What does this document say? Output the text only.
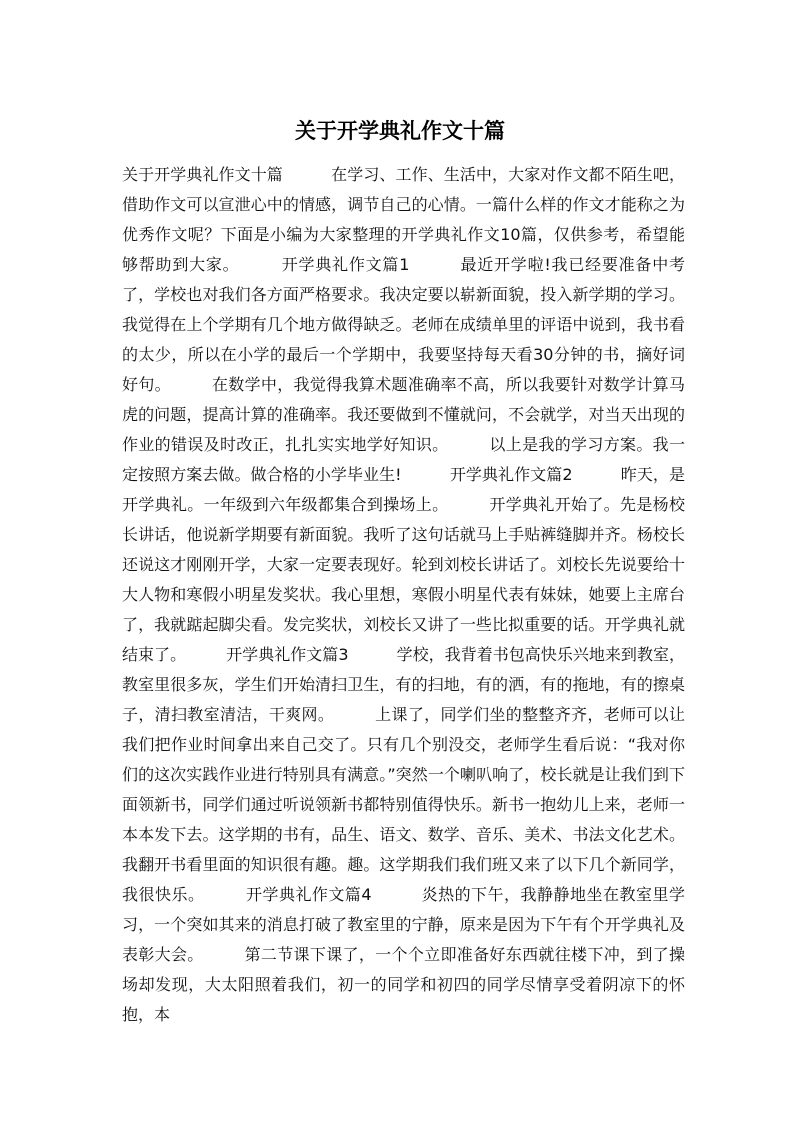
关于开学典礼作文十篇

关于开学典礼作文十篇　　　在学习、工作、生活中，大家对作文都不陌生吧，借助作文可以宣泄心中的情感，调节自己的心情。一篇什么样的作文才能称之为优秀作文呢？下面是小编为大家整理的开学典礼作文10篇，仅供参考，希望能够帮助到大家。　　　开学典礼作文篇1　　　最近开学啦!我已经要准备中考了，学校也对我们各方面严格要求。我决定要以崭新面貌，投入新学期的学习。我觉得在上个学期有几个地方做得缺乏。老师在成绩单里的评语中说到，我书看的太少，所以在小学的最后一个学期中，我要坚持每天看30分钟的书，摘好词好句。　　　在数学中，我觉得我算术题准确率不高，所以我要针对数学计算马虎的问题，提高计算的准确率。我还要做到不懂就问，不会就学，对当天出现的作业的错误及时改正，扎扎实实地学好知识。　　　以上是我的学习方案。我一定按照方案去做。做合格的小学毕业生!　　　开学典礼作文篇2　　　昨天，是开学典礼。一年级到六年级都集合到操场上。　　　开学典礼开始了。先是杨校长讲话，他说新学期要有新面貌。我听了这句话就马上手贴裤缝脚并齐。杨校长还说这才刚刚开学，大家一定要表现好。轮到刘校长讲话了。刘校长先说要给十大人物和寒假小明星发奖状。我心里想，寒假小明星代表有妹妹，她要上主席台了，我就踮起脚尖看。发完奖状，刘校长又讲了一些比拟重要的话。开学典礼就结束了。　　　开学典礼作文篇3　　　学校，我背着书包高快乐兴地来到教室，教室里很多灰，学生们开始清扫卫生，有的扫地，有的洒，有的拖地，有的擦桌子，清扫教室清洁，干爽网。　　　上课了，同学们坐的整整齐齐，老师可以让我们把作业时间拿出来自己交了。只有几个别没交，老师学生看后说：“我对你们的这次实践作业进行特别具有满意。”突然一个喇叭响了，校长就是让我们到下面领新书，同学们通过听说领新书都特别值得快乐。新书一抱幼儿上来，老师一本本发下去。这学期的书有，品生、语文、数学、音乐、美术、书法文化艺术。我翻开书看里面的知识很有趣。趣。这学期我们我们班又来了以下几个新同学，我很快乐。　　　开学典礼作文篇4　　　炎热的下午，我静静地坐在教室里学习，一个突如其来的消息打破了教室里的宁静，原来是因为下午有个开学典礼及表彰大会。　　　第二节课下课了，一个个立即准备好东西就往楼下冲，到了操场却发现，大太阳照着我们，初一的同学和初四的同学尽情享受着阴凉下的怀抱，本
